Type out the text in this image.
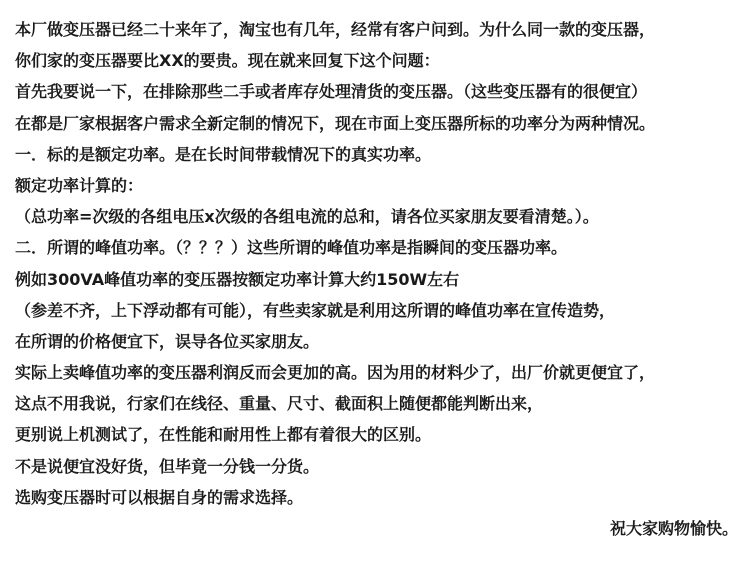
本厂做变压器已经二十来年了，淘宝也有几年，经常有客户问到。为什么同一款的变压器，
你们家的变压器要比XX的要贵。现在就来回复下这个问题：
首先我要说一下，在排除那些二手或者库存处理清货的变压器。（这些变压器有的很便宜）
在都是厂家根据客户需求全新定制的情况下，现在市面上变压器所标的功率分为两种情况。
一．标的是额定功率。是在长时间带载情况下的真实功率。
额定功率计算的：
（总功率=次级的各组电压x次级的各组电流的总和，请各位买家朋友要看清楚。）。
二．所谓的峰值功率。（？？？）这些所谓的峰值功率是指瞬间的变压器功率。
例如300VA峰值功率的变压器按额定功率计算大约150W左右
（参差不齐，上下浮动都有可能），有些卖家就是利用这所谓的峰值功率在宣传造势，
在所谓的价格便宜下，误导各位买家朋友。
实际上卖峰值功率的变压器利润反而会更加的高。因为用的材料少了，出厂价就更便宜了，
这点不用我说，行家们在线径、重量、尺寸、截面积上随便都能判断出来，
更别说上机测试了，在性能和耐用性上都有着很大的区别。
不是说便宜没好货，但毕竟一分钱一分货。
选购变压器时可以根据自身的需求选择。
祝大家购物愉快。
